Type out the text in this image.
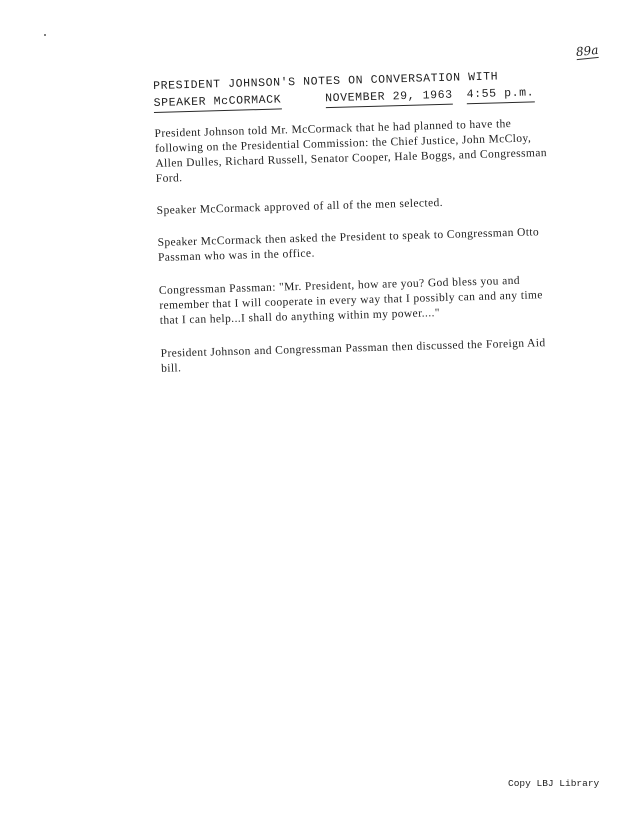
89a
PRESIDENT JOHNSON'S NOTES ON CONVERSATION WITH
SPEAKER McCORMACK	NOVEMBER 29, 1963 4:55 p.m.

President Johnson told Mr. McCormack that he had planned to have the following on the Presidential Commission: the Chief Justice, John McCloy, Allen Dulles, Richard Russell, Senator Cooper, Hale Boggs, and Congressman Ford.

Speaker McCormack approved of all of the men selected.

Speaker McCormack then asked the President to speak to Congressman Otto Passman who was in the office.

Congressman Passman: "Mr. President, how are you? God bless you and remember that I will cooperate in every way that I possibly can and any time that I can help...I shall do anything within my power...."

President Johnson and Congressman Passman then discussed the Foreign Aid bill.

Copy LBJ Library
